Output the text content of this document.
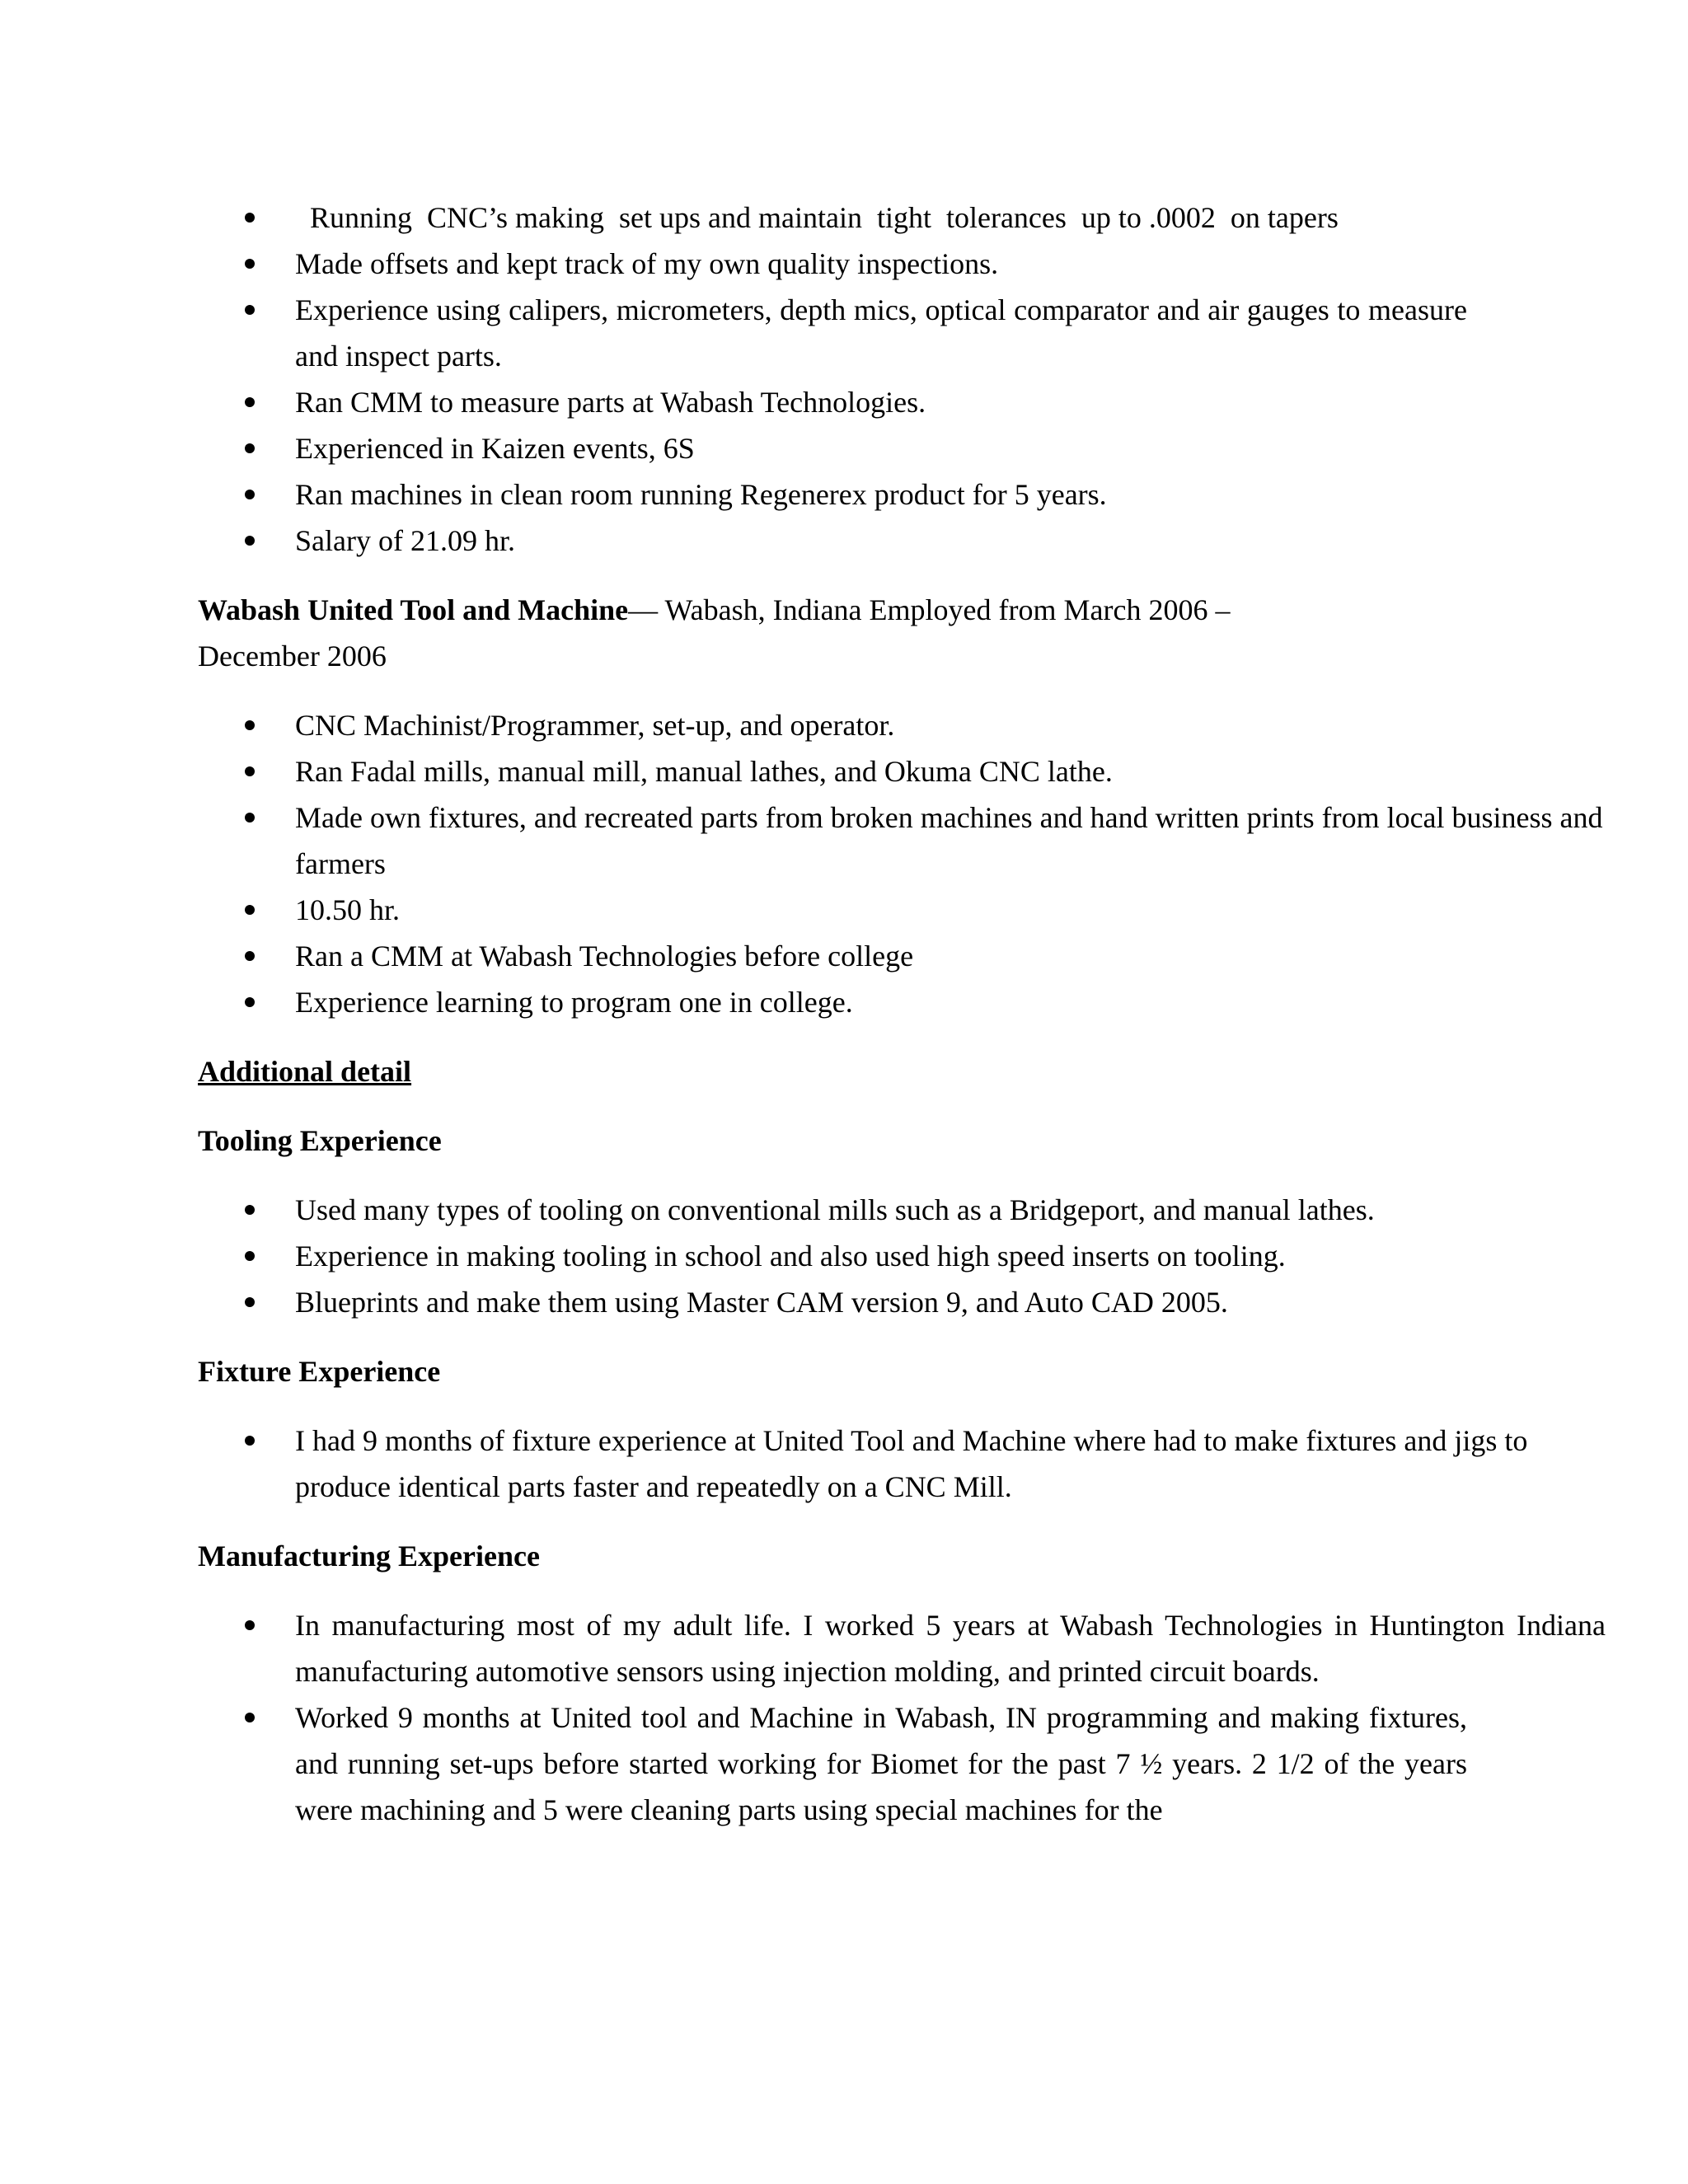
Running  CNC’s making  set ups and maintain  tight  tolerances  up to .0002  on tapers
Made offsets and kept track of my own quality inspections.
Experience using calipers, micrometers, depth mics, optical comparator and air gauges to measure and inspect parts.
Ran CMM to measure parts at Wabash Technologies.
Experienced in Kaizen events, 6S
Ran machines in clean room running Regenerex product for 5 years.
Salary of 21.09 hr.

Wabash United Tool and Machine— Wabash, Indiana Employed from March 2006 –
December 2006

CNC Machinist/Programmer, set-up, and operator.
Ran Fadal mills, manual mill, manual lathes, and Okuma CNC lathe.
Made own fixtures, and recreated parts from broken machines and hand written prints from local business and farmers
10.50 hr.
Ran a CMM at Wabash Technologies before college
Experience learning to program one in college.

Additional detail

Tooling Experience

Used many types of tooling on conventional mills such as a Bridgeport, and manual lathes.
Experience in making tooling in school and also used high speed inserts on tooling.
Blueprints and make them using Master CAM version 9, and Auto CAD 2005.

Fixture Experience

I had 9 months of fixture experience at United Tool and Machine where had to make fixtures and jigs to produce identical parts faster and repeatedly on a CNC Mill.

Manufacturing Experience

In manufacturing most of my adult life. I worked 5 years at Wabash Technologies in Huntington Indiana manufacturing automotive sensors using injection molding, and printed circuit boards.
Worked 9 months at United tool and Machine in Wabash, IN programming and making fixtures, and running set-ups before started working for Biomet for the past 7 ½ years. 2 1/2 of the years were machining and 5 were cleaning parts using special machines for the
